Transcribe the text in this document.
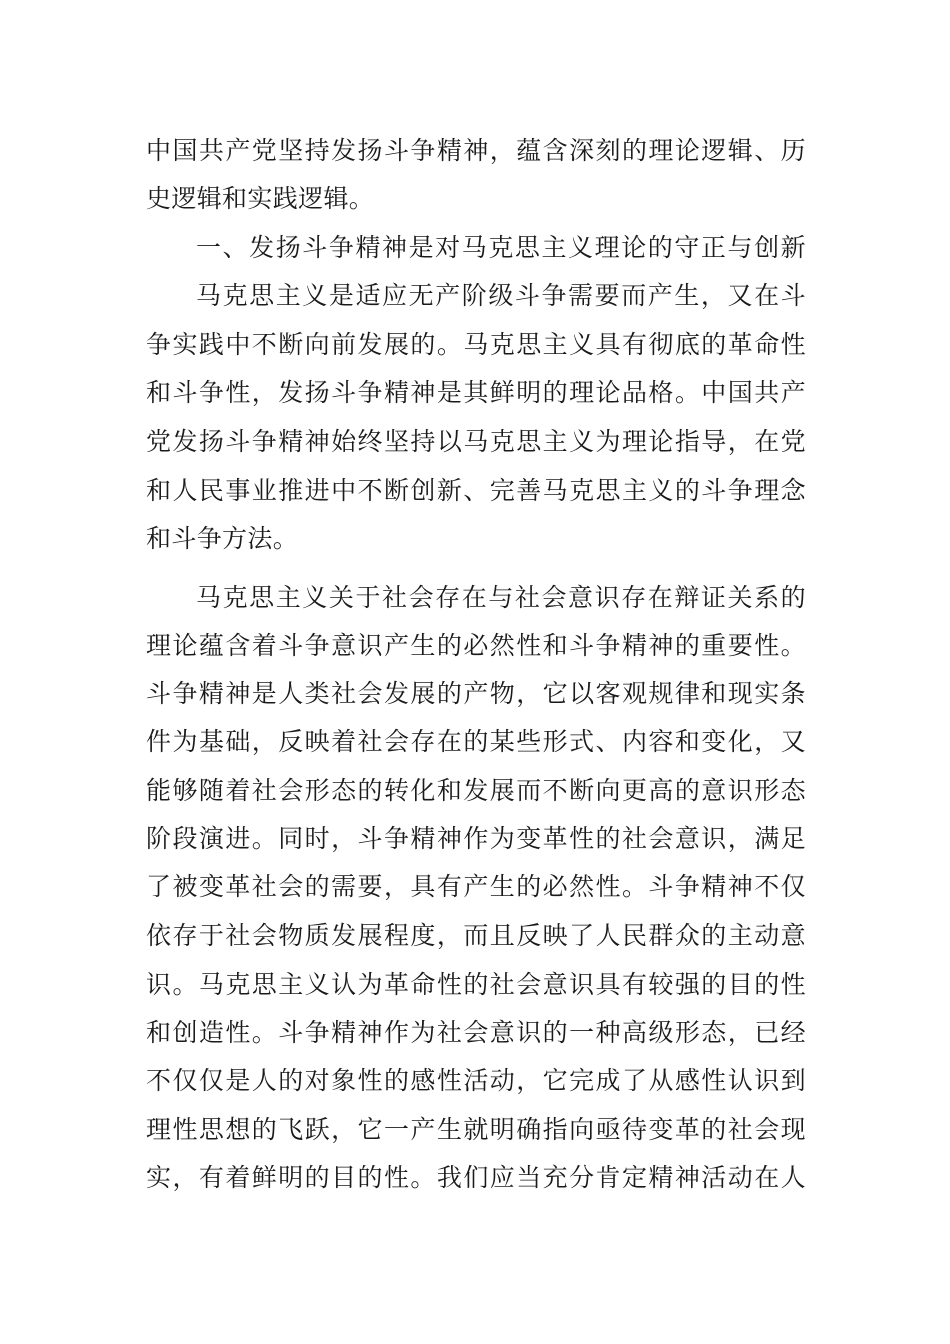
中国共产党坚持发扬斗争精神，蕴含深刻的理论逻辑、历
史逻辑和实践逻辑。
一、发扬斗争精神是对马克思主义理论的守正与创新
马克思主义是适应无产阶级斗争需要而产生，又在斗
争实践中不断向前发展的。马克思主义具有彻底的革命性
和斗争性，发扬斗争精神是其鲜明的理论品格。中国共产
党发扬斗争精神始终坚持以马克思主义为理论指导，在党
和人民事业推进中不断创新、完善马克思主义的斗争理念
和斗争方法。
马克思主义关于社会存在与社会意识存在辩证关系的
理论蕴含着斗争意识产生的必然性和斗争精神的重要性。
斗争精神是人类社会发展的产物，它以客观规律和现实条
件为基础，反映着社会存在的某些形式、内容和变化，又
能够随着社会形态的转化和发展而不断向更高的意识形态
阶段演进。同时，斗争精神作为变革性的社会意识，满足
了被变革社会的需要，具有产生的必然性。斗争精神不仅
依存于社会物质发展程度，而且反映了人民群众的主动意
识。马克思主义认为革命性的社会意识具有较强的目的性
和创造性。斗争精神作为社会意识的一种高级形态，已经
不仅仅是人的对象性的感性活动，它完成了从感性认识到
理性思想的飞跃，它一产生就明确指向亟待变革的社会现
实，有着鲜明的目的性。我们应当充分肯定精神活动在人
